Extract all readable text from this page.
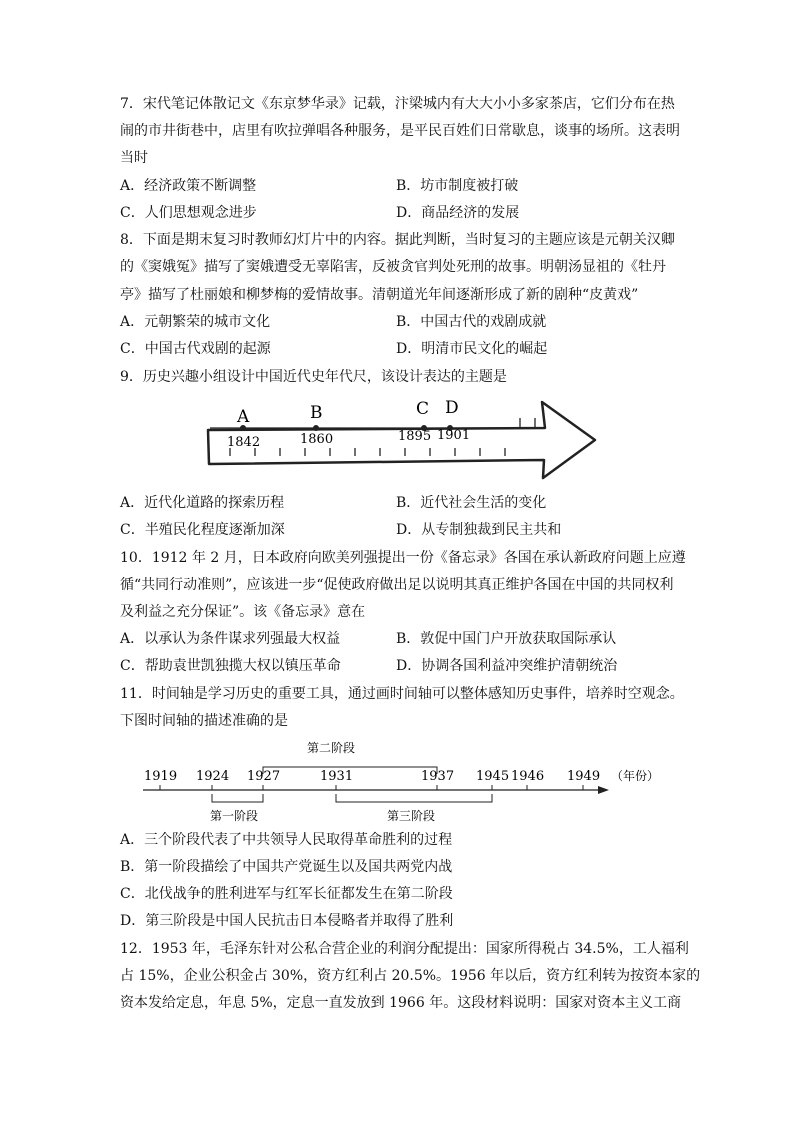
7．宋代笔记体散记文《东京梦华录》记载，汴梁城内有大大小小多家茶店，它们分布在热
闹的市井街巷中，店里有吹拉弹唱各种服务，是平民百姓们日常歇息，谈事的场所。这表明
当时
A．经济政策不断调整	B．坊市制度被打破
C．人们思想观念进步	D．商品经济的发展
8．下面是期末复习时教师幻灯片中的内容。据此判断，当时复习的主题应该是元朝关汉卿
的《窦娥冤》描写了窦娥遭受无辜陷害，反被贪官判处死刑的故事。明朝汤显祖的《牡丹
亭》描写了杜丽娘和柳梦梅的爱情故事。清朝道光年间逐渐形成了新的剧种“皮黄戏”
A．元朝繁荣的城市文化	B．中国古代的戏剧成就
C．中国古代戏剧的起源	D．明清市民文化的崛起
9．历史兴趣小组设计中国近代史年代尺，该设计表达的主题是
A	B	C D
1842	1860	1895 1901
A．近代化道路的探索历程	B．近代社会生活的变化
C．半殖民化程度逐渐加深	D．从专制独裁到民主共和
10．1912 年 2 月，日本政府向欧美列强提出一份《备忘录》各国在承认新政府问题上应遵
循“共同行动准则”，应该进一步“促使政府做出足以说明其真正维护各国在中国的共同权利
及利益之充分保证”。该《备忘录》意在
A．以承认为条件谋求列强最大权益	B．敦促中国门户开放获取国际承认
C．帮助袁世凯独揽大权以镇压革命	D．协调各国利益冲突维护清朝统治
11．时间轴是学习历史的重要工具，通过画时间轴可以整体感知历史事件，培养时空观念。
下图时间轴的描述准确的是
第二阶段
1919 1924 1927	1931	1937 1945 1946 1949 （年份）
第一阶段	第三阶段
A．三个阶段代表了中共领导人民取得革命胜利的过程
B．第一阶段描绘了中国共产党诞生以及国共两党内战
C．北伐战争的胜利进军与红军长征都发生在第二阶段
D．第三阶段是中国人民抗击日本侵略者并取得了胜利
12．1953 年，毛泽东针对公私合营企业的利润分配提出：国家所得税占 34.5%，工人福利
占 15%，企业公积金占 30%，资方红利占 20.5%。1956 年以后，资方红利转为按资本家的
资本发给定息，年息 5%，定息一直发放到 1966 年。这段材料说明：国家对资本主义工商
